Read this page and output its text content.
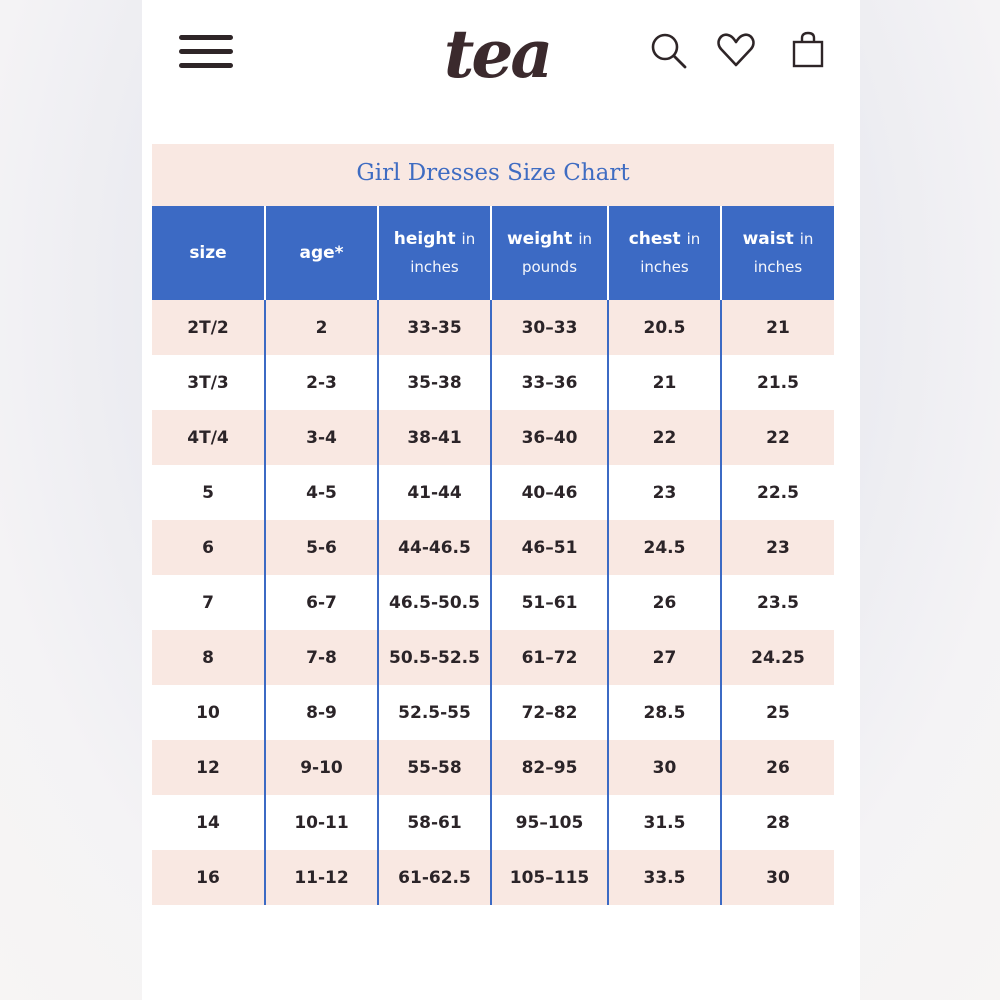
tea
Girl Dresses Size Chart
size	age*	height in inches	weight in pounds	chest in inches	waist in inches
2T/2	2	33-35	30–33	20.5	21
3T/3	2-3	35-38	33–36	21	21.5
4T/4	3-4	38-41	36–40	22	22
5	4-5	41-44	40–46	23	22.5
6	5-6	44-46.5	46–51	24.5	23
7	6-7	46.5-50.5	51–61	26	23.5
8	7-8	50.5-52.5	61–72	27	24.25
10	8-9	52.5-55	72–82	28.5	25
12	9-10	55-58	82–95	30	26
14	10-11	58-61	95–105	31.5	28
16	11-12	61-62.5	105–115	33.5	30
